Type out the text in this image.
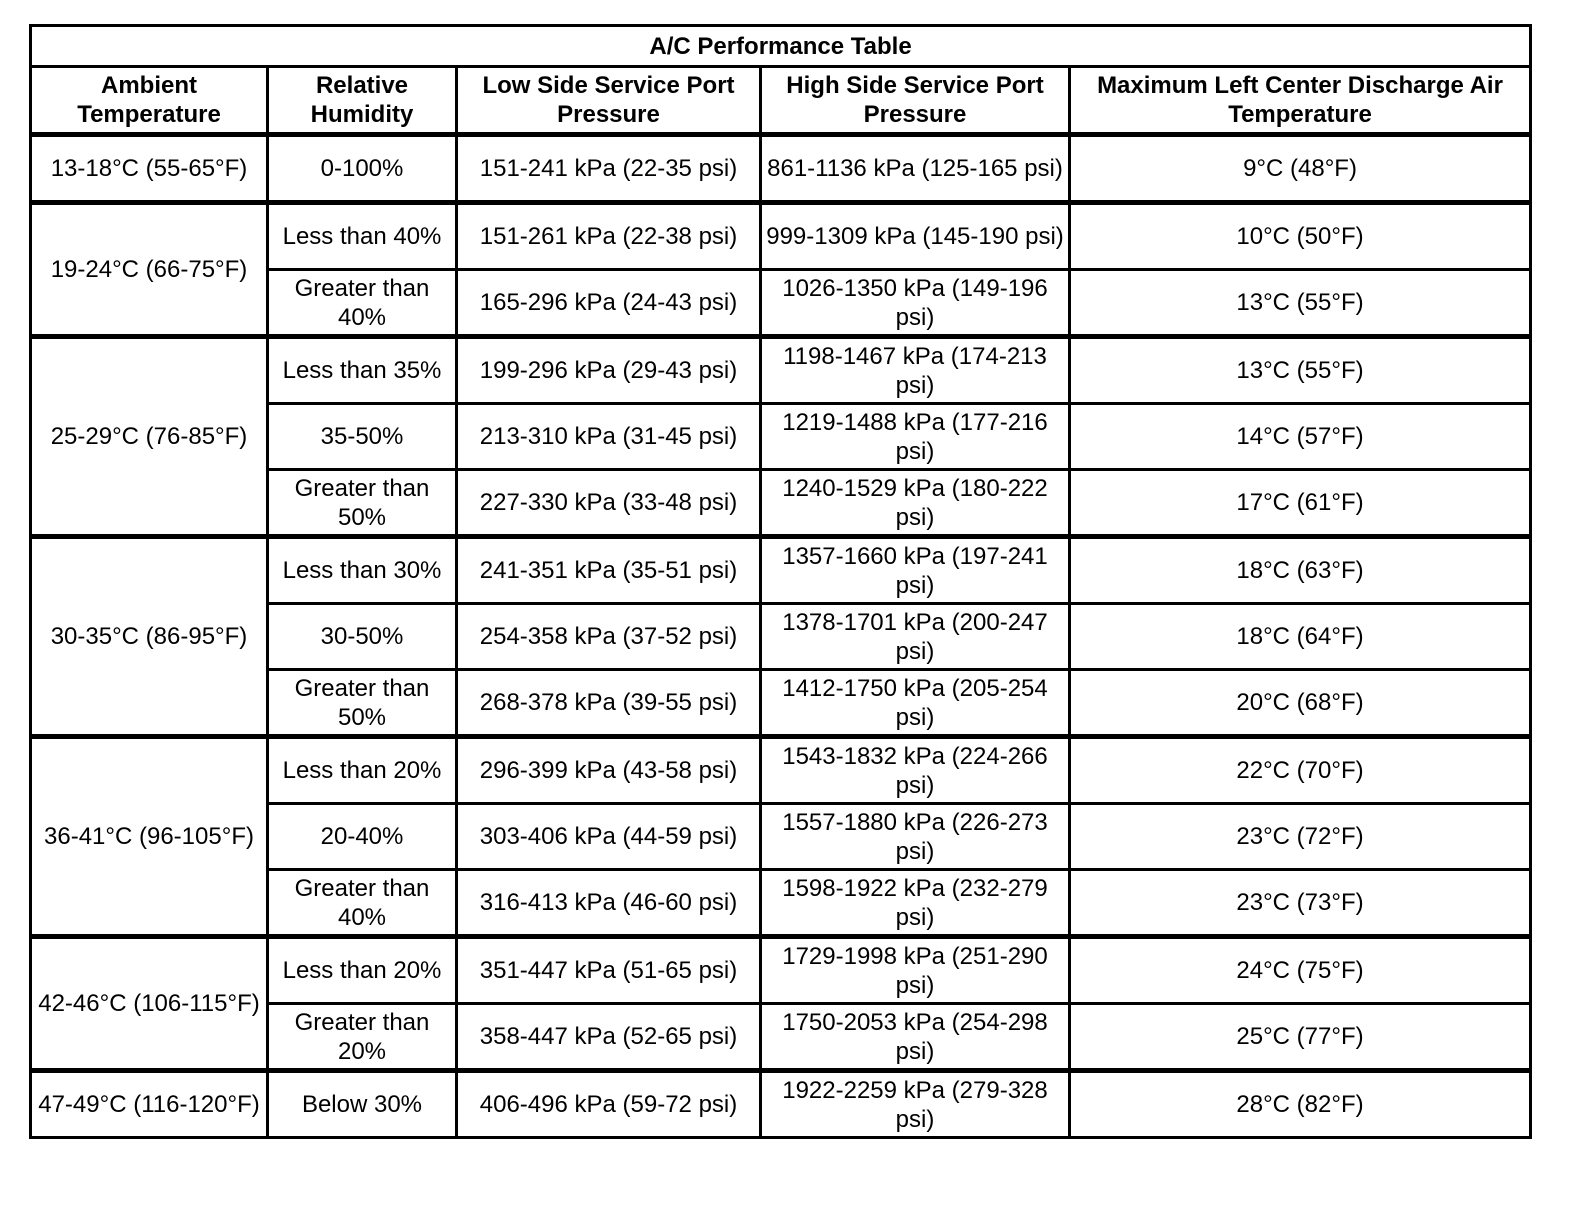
A/C Performance Table				
Ambient Temperature	Relative Humidity	Low Side Service Port Pressure	High Side Service Port Pressure	Maximum Left Center Discharge Air Temperature
13-18°C (55-65°F)	0-100%	151-241 kPa (22-35 psi)	861-1136 kPa (125-165 psi)	9°C (48°F)
19-24°C (66-75°F)	Less than 40%	151-261 kPa (22-38 psi)	999-1309 kPa (145-190 psi)	10°C (50°F)
	Greater than 40%	165-296 kPa (24-43 psi)	1026-1350 kPa (149-196 psi)	13°C (55°F)
25-29°C (76-85°F)	Less than 35%	199-296 kPa (29-43 psi)	1198-1467 kPa (174-213 psi)	13°C (55°F)
	35-50%	213-310 kPa (31-45 psi)	1219-1488 kPa (177-216 psi)	14°C (57°F)
	Greater than 50%	227-330 kPa (33-48 psi)	1240-1529 kPa (180-222 psi)	17°C (61°F)
30-35°C (86-95°F)	Less than 30%	241-351 kPa (35-51 psi)	1357-1660 kPa (197-241 psi)	18°C (63°F)
	30-50%	254-358 kPa (37-52 psi)	1378-1701 kPa (200-247 psi)	18°C (64°F)
	Greater than 50%	268-378 kPa (39-55 psi)	1412-1750 kPa (205-254 psi)	20°C (68°F)
36-41°C (96-105°F)	Less than 20%	296-399 kPa (43-58 psi)	1543-1832 kPa (224-266 psi)	22°C (70°F)
	20-40%	303-406 kPa (44-59 psi)	1557-1880 kPa (226-273 psi)	23°C (72°F)
	Greater than 40%	316-413 kPa (46-60 psi)	1598-1922 kPa (232-279 psi)	23°C (73°F)
42-46°C (106-115°F)	Less than 20%	351-447 kPa (51-65 psi)	1729-1998 kPa (251-290 psi)	24°C (75°F)
	Greater than 20%	358-447 kPa (52-65 psi)	1750-2053 kPa (254-298 psi)	25°C (77°F)
47-49°C (116-120°F)	Below 30%	406-496 kPa (59-72 psi)	1922-2259 kPa (279-328 psi)	28°C (82°F)
